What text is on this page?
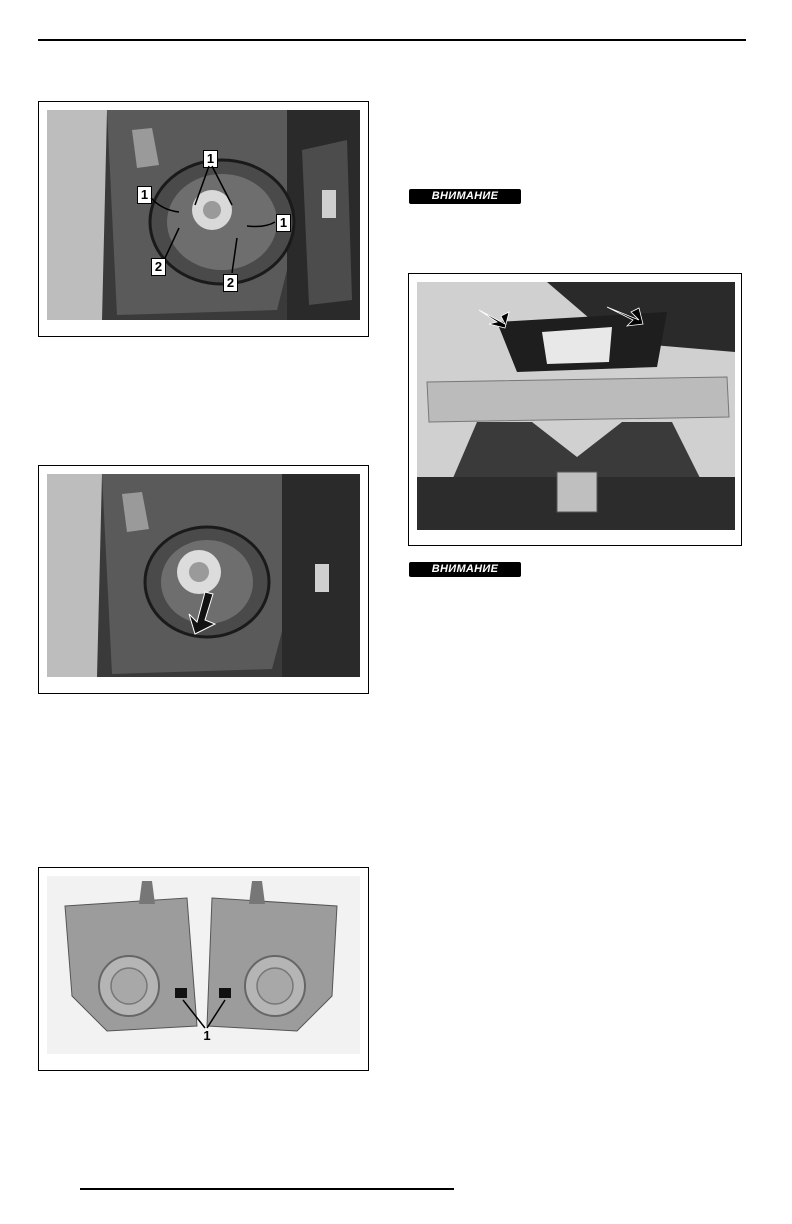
1
1
1
2
2
1
ВНИМАНИЕ
ВНИМАНИЕ
